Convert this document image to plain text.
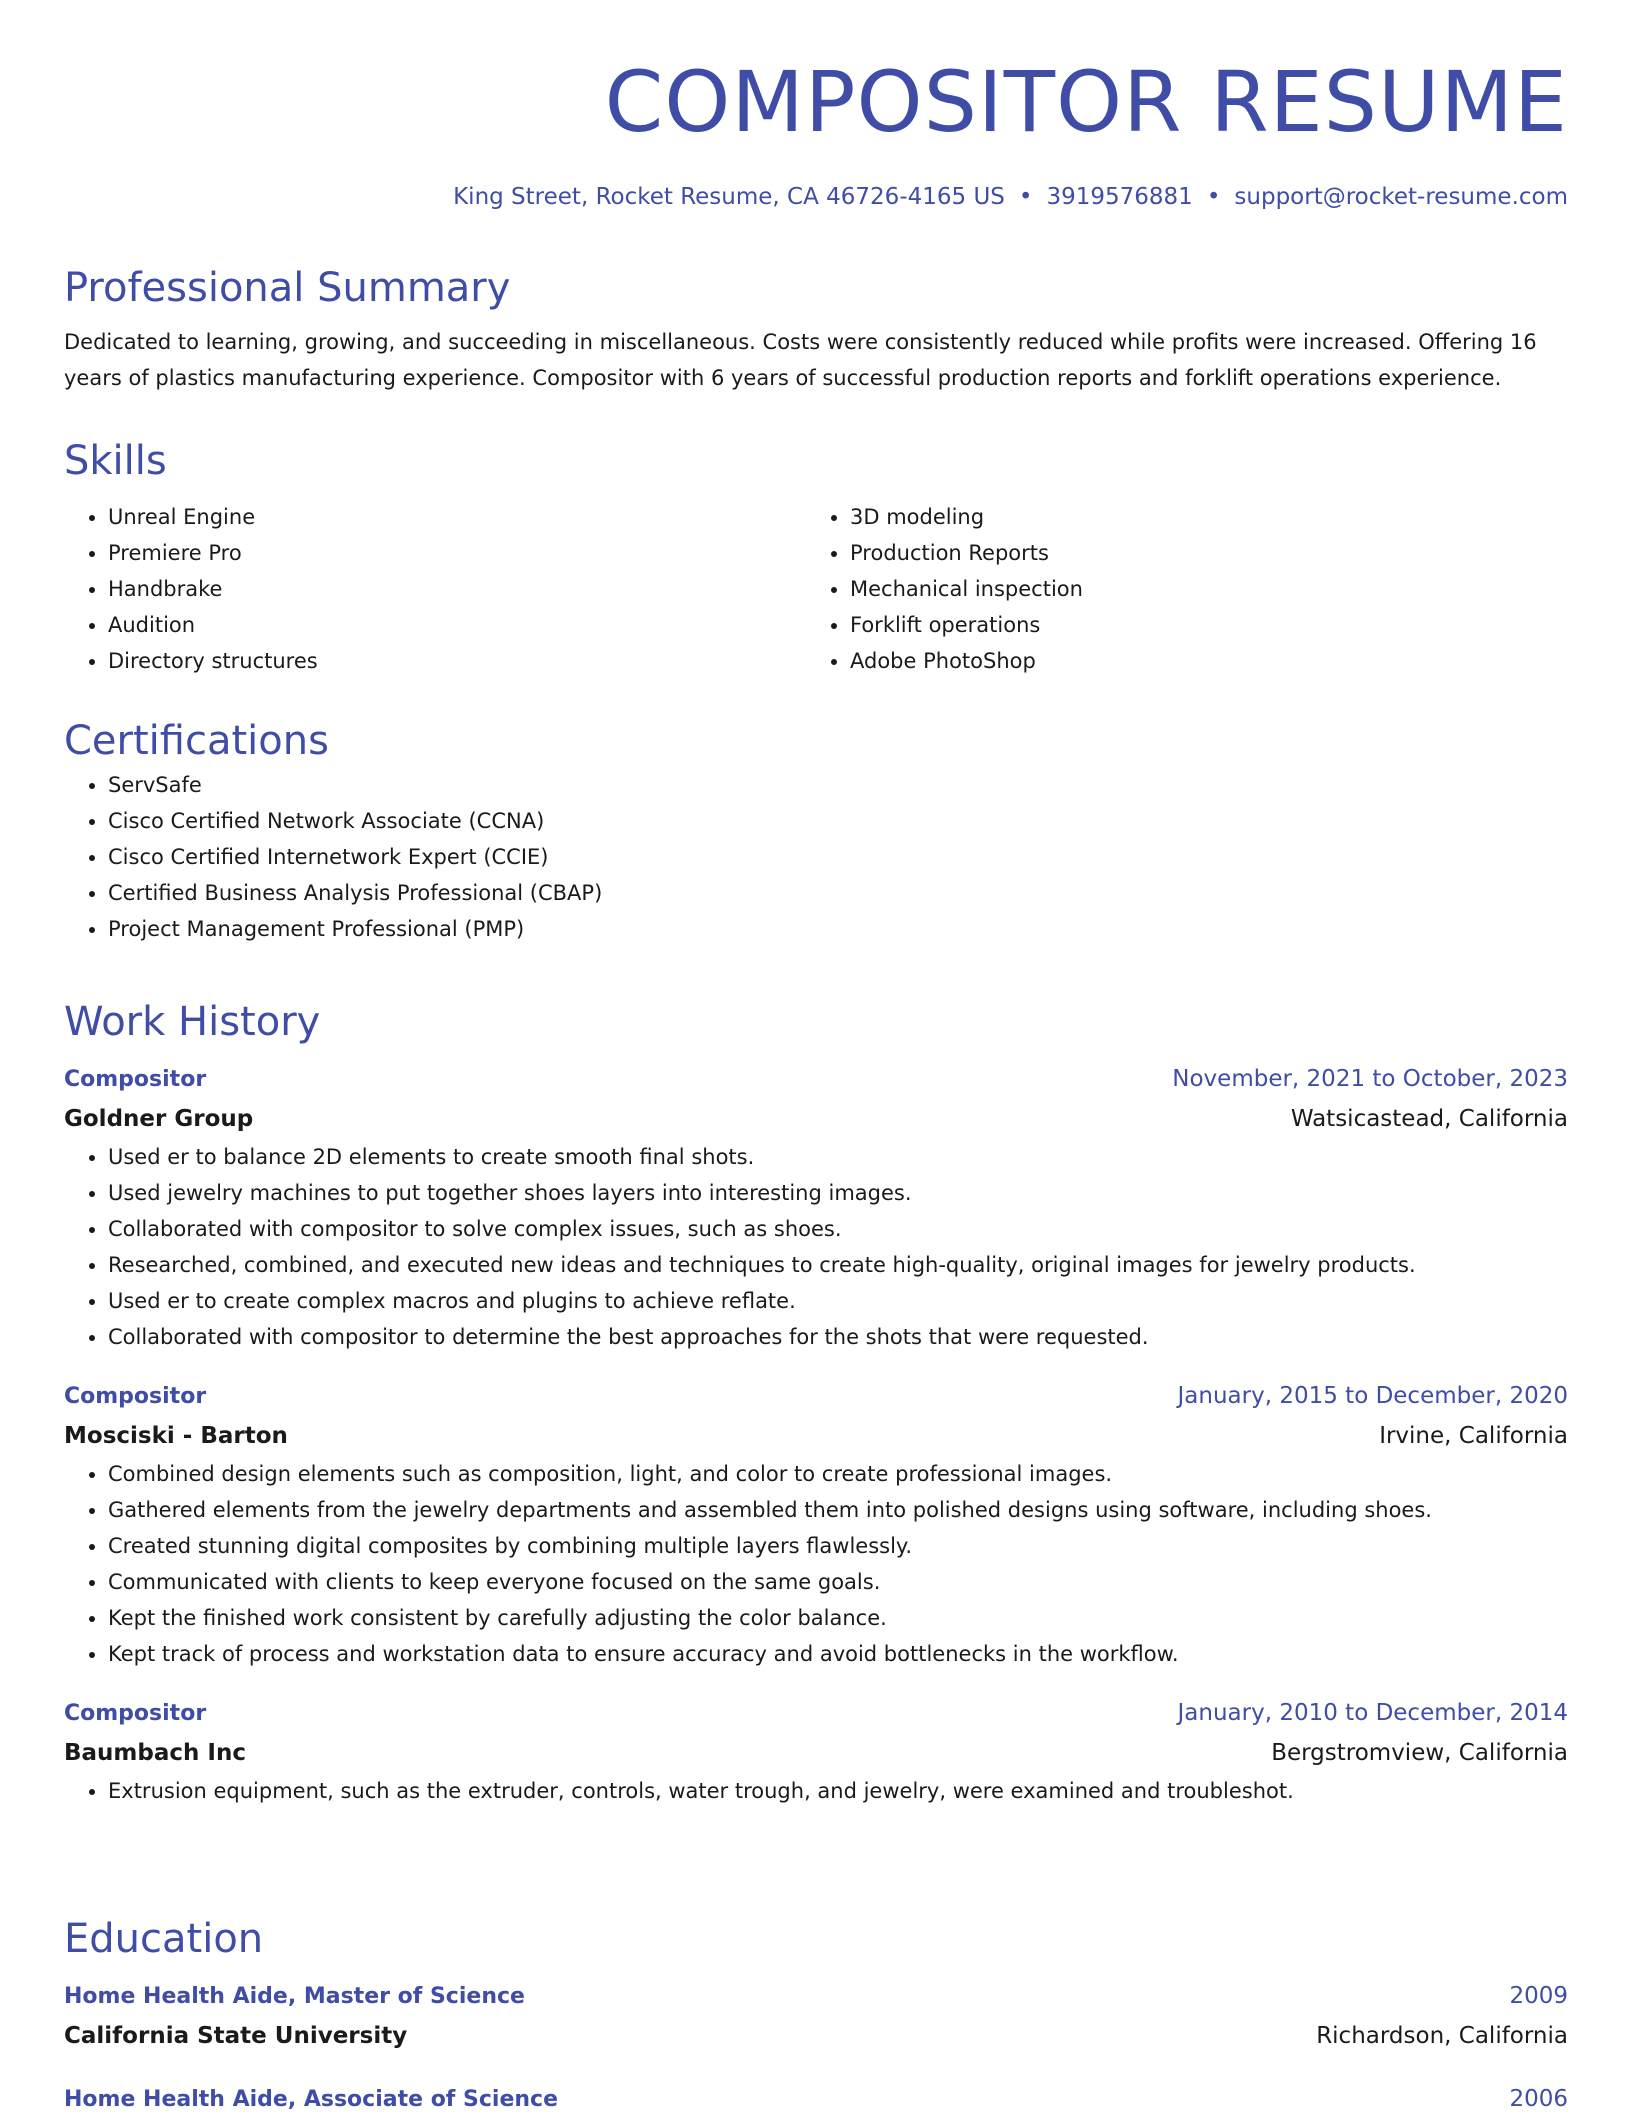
COMPOSITOR RESUME
King Street, Rocket Resume, CA 46726-4165 US • 3919576881 • support@rocket-resume.com
Professional Summary

Dedicated to learning, growing, and succeeding in miscellaneous. Costs were consistently reduced while profits were increased. Offering 16 years of plastics manufacturing experience. Compositor with 6 years of successful production reports and forklift operations experience.

Skills
• Unreal Engine
• Premiere Pro
• Handbrake
• Audition
• Directory structures
• 3D modeling
• Production Reports
• Mechanical inspection
• Forklift operations
• Adobe PhotoShop
Certifications
• ServSafe
• Cisco Certified Network Associate (CCNA)
• Cisco Certified Internetwork Expert (CCIE)
• Certified Business Analysis Professional (CBAP)
• Project Management Professional (PMP)
Work History
Compositor	November, 2021 to October, 2023
Goldner Group	Watsicastead, California
• Used er to balance 2D elements to create smooth final shots.
• Used jewelry machines to put together shoes layers into interesting images.
• Collaborated with compositor to solve complex issues, such as shoes.
• Researched, combined, and executed new ideas and techniques to create high-quality, original images for jewelry products.
• Used er to create complex macros and plugins to achieve reflate.
• Collaborated with compositor to determine the best approaches for the shots that were requested.
Compositor	January, 2015 to December, 2020
Mosciski - Barton	Irvine, California
• Combined design elements such as composition, light, and color to create professional images.
• Gathered elements from the jewelry departments and assembled them into polished designs using software, including shoes.
• Created stunning digital composites by combining multiple layers flawlessly.
• Communicated with clients to keep everyone focused on the same goals.
• Kept the finished work consistent by carefully adjusting the color balance.
• Kept track of process and workstation data to ensure accuracy and avoid bottlenecks in the workflow.
Compositor	January, 2010 to December, 2014
Baumbach Inc	Bergstromview, California
• Extrusion equipment, such as the extruder, controls, water trough, and jewelry, were examined and troubleshot.
Education
Home Health Aide, Master of Science	2009
California State University	Richardson, California
Home Health Aide, Associate of Science	2006
